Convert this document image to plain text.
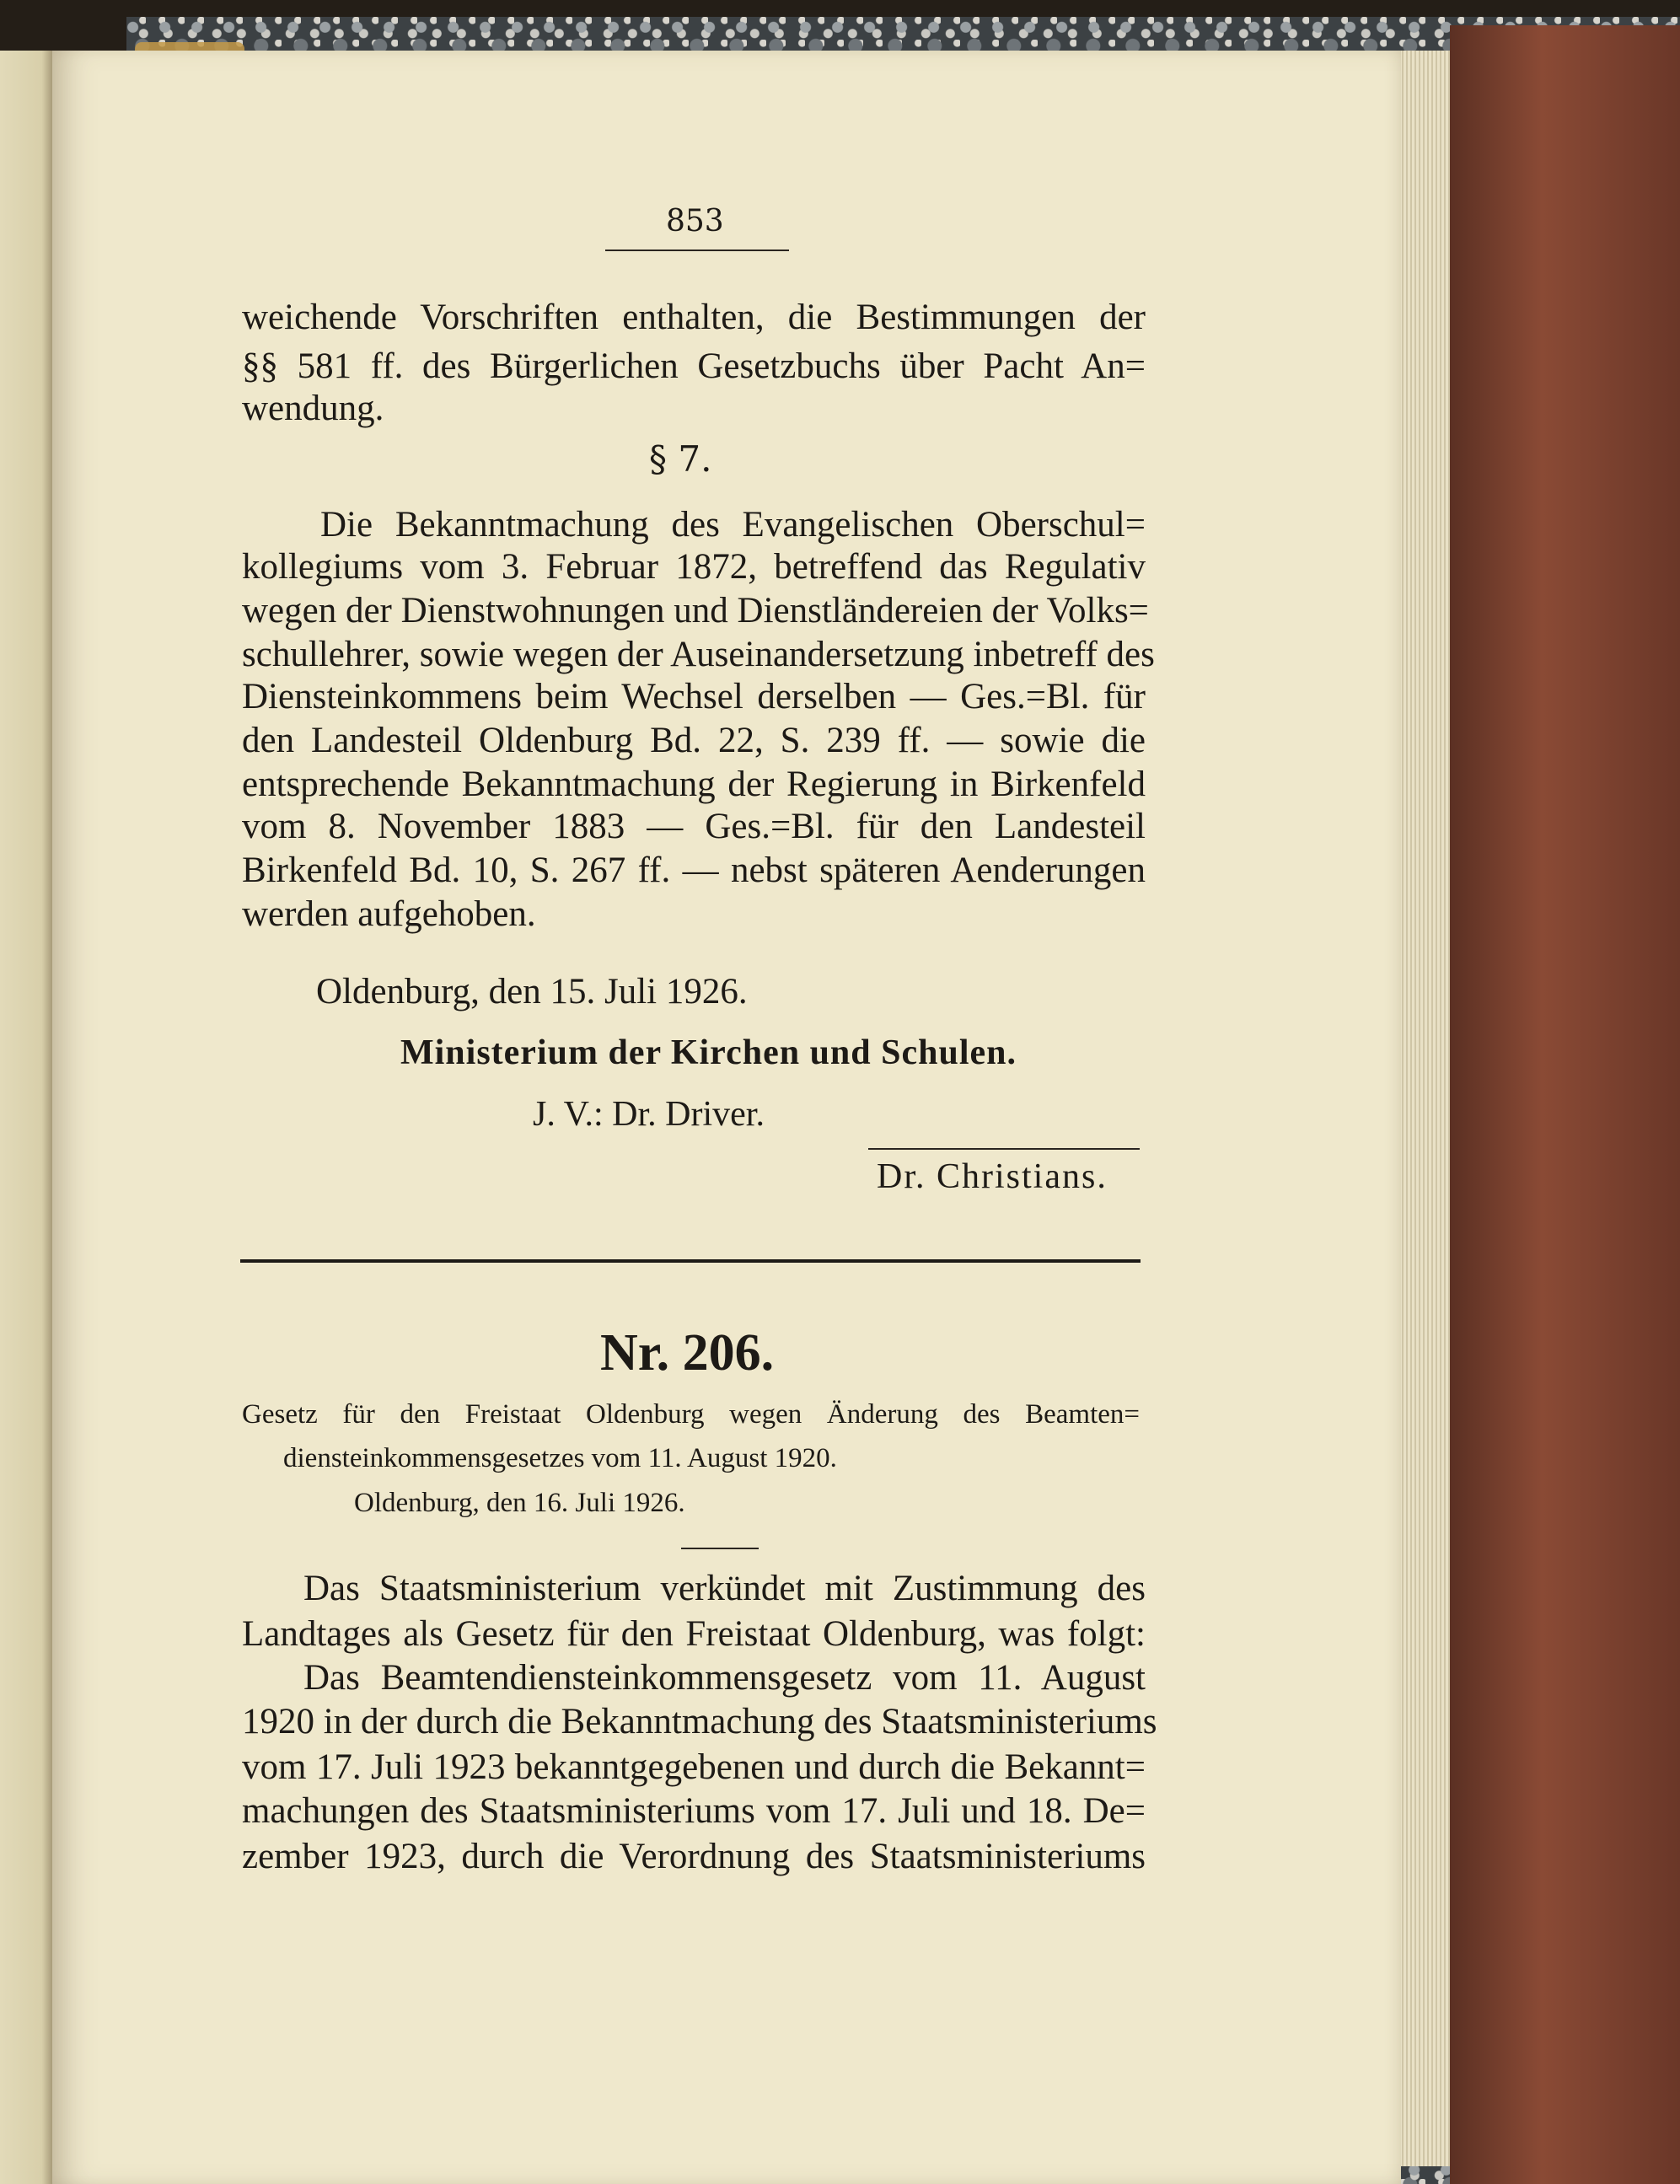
853
weichende Vorschriften enthalten, die Bestimmungen der
§§ 581 ff. des Bürgerlichen Gesetzbuchs über Pacht An=
wendung.
§ 7.
Die Bekanntmachung des Evangelischen Oberschul=
kollegiums vom 3. Februar 1872, betreffend das Regulativ
wegen der Dienstwohnungen und Dienstländereien der Volks=
schullehrer, sowie wegen der Auseinandersetzung inbetreff des
Diensteinkommens beim Wechsel derselben — Ges.=Bl. für
den Landesteil Oldenburg Bd. 22, S. 239 ff. — sowie die
entsprechende Bekanntmachung der Regierung in Birkenfeld
vom 8. November 1883 — Ges.=Bl. für den Landesteil
Birkenfeld Bd. 10, S. 267 ff. — nebst späteren Aenderungen
werden aufgehoben.
Oldenburg, den 15. Juli 1926.
Ministerium der Kirchen und Schulen.
J. V.: Dr. Driver.
Dr. Christians.
Nr. 206.
Gesetz für den Freistaat Oldenburg wegen Änderung des Beamten=
diensteinkommensgesetzes vom 11. August 1920.
Oldenburg, den 16. Juli 1926.
Das Staatsministerium verkündet mit Zustimmung des
Landtages als Gesetz für den Freistaat Oldenburg, was folgt:
Das Beamtendiensteinkommensgesetz vom 11. August
1920 in der durch die Bekanntmachung des Staatsministeriums
vom 17. Juli 1923 bekanntgegebenen und durch die Bekannt=
machungen des Staatsministeriums vom 17. Juli und 18. De=
zember 1923, durch die Verordnung des Staatsministeriums
